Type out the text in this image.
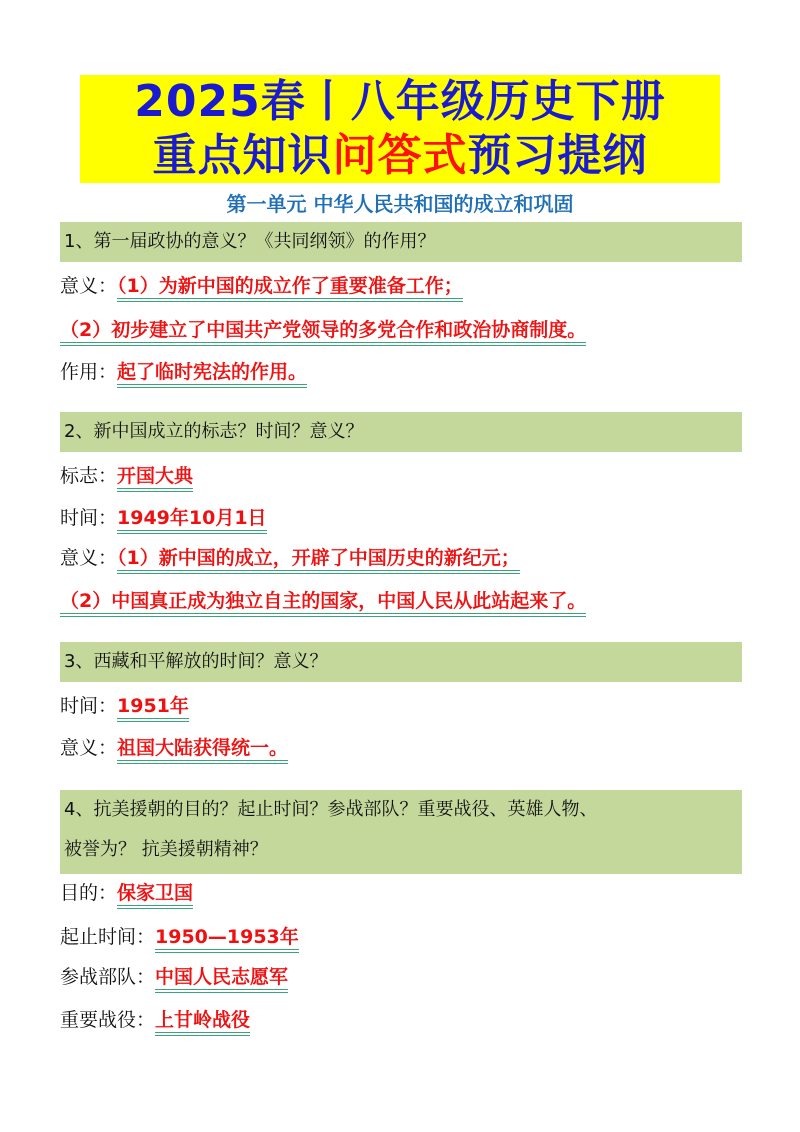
2025春丨八年级历史下册
重点知识问答式预习提纲
第一单元 中华人民共和国的成立和巩固
1、第一届政协的意义？《共同纲领》的作用？
意义：（1）为新中国的成立作了重要准备工作；
（2）初步建立了中国共产党领导的多党合作和政治协商制度。
作用：起了临时宪法的作用。
2、新中国成立的标志？时间？意义？
标志：开国大典
时间：1949年10月1日
意义：（1）新中国的成立，开辟了中国历史的新纪元；
（2）中国真正成为独立自主的国家，中国人民从此站起来了。
3、西藏和平解放的时间？意义？
时间：1951年
意义：祖国大陆获得统一。
4、抗美援朝的目的？起止时间？参战部队？重要战役、英雄人物、
被誉为？ 抗美援朝精神？
目的：保家卫国
起止时间：1950—1953年
参战部队：中国人民志愿军
重要战役：上甘岭战役
